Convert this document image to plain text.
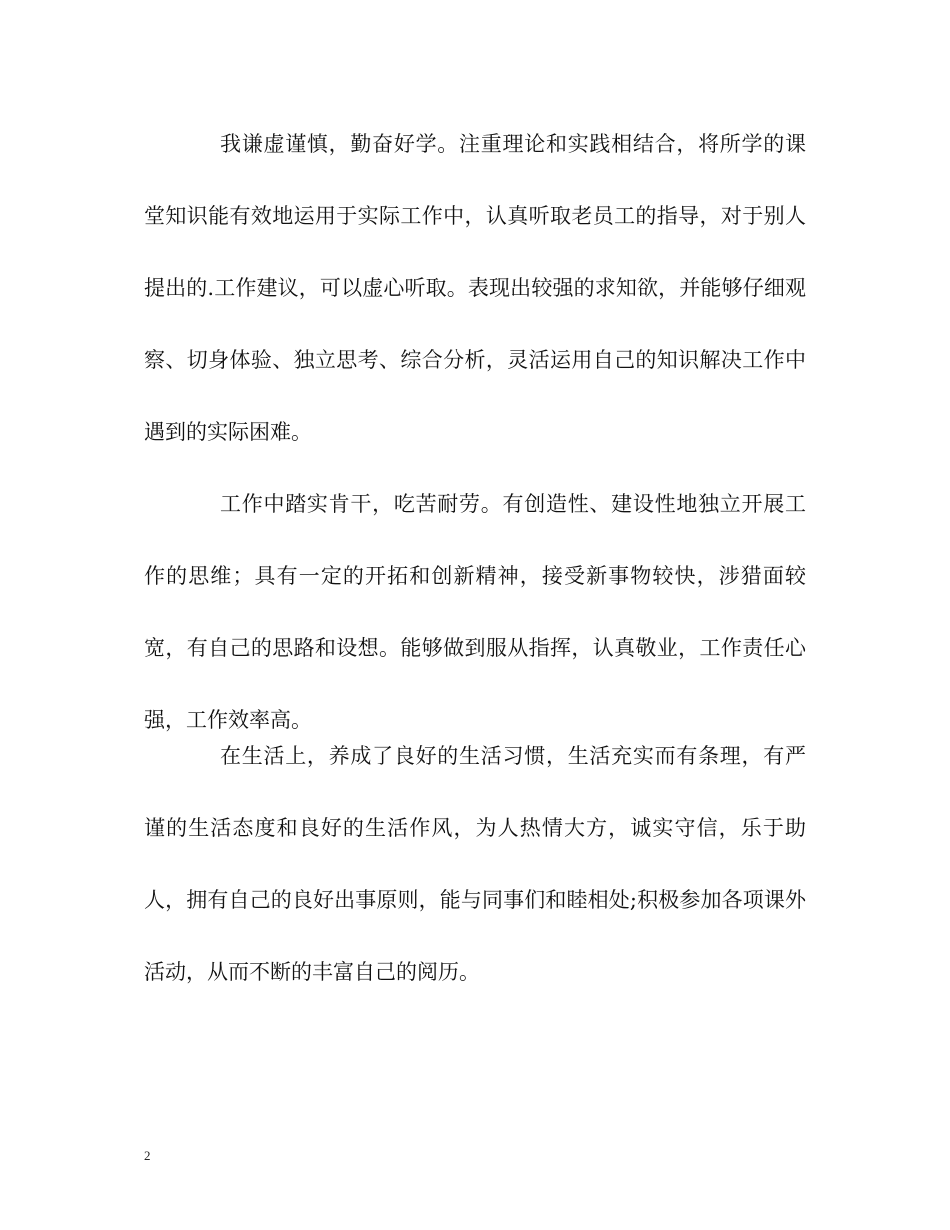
我谦虚谨慎，勤奋好学。注重理论和实践相结合，将所学的课堂知识能有效地运用于实际工作中，认真听取老员工的指导，对于别人提出的.工作建议，可以虚心听取。表现出较强的求知欲，并能够仔细观察、切身体验、独立思考、综合分析，灵活运用自己的知识解决工作中遇到的实际困难。

工作中踏实肯干，吃苦耐劳。有创造性、建设性地独立开展工作的思维；具有一定的开拓和创新精神，接受新事物较快，涉猎面较宽，有自己的思路和设想。能够做到服从指挥，认真敬业，工作责任心强，工作效率高。

在生活上，养成了良好的生活习惯，生活充实而有条理，有严谨的生活态度和良好的生活作风，为人热情大方，诚实守信，乐于助人，拥有自己的良好出事原则，能与同事们和睦相处;积极参加各项课外活动，从而不断的丰富自己的阅历。

2
